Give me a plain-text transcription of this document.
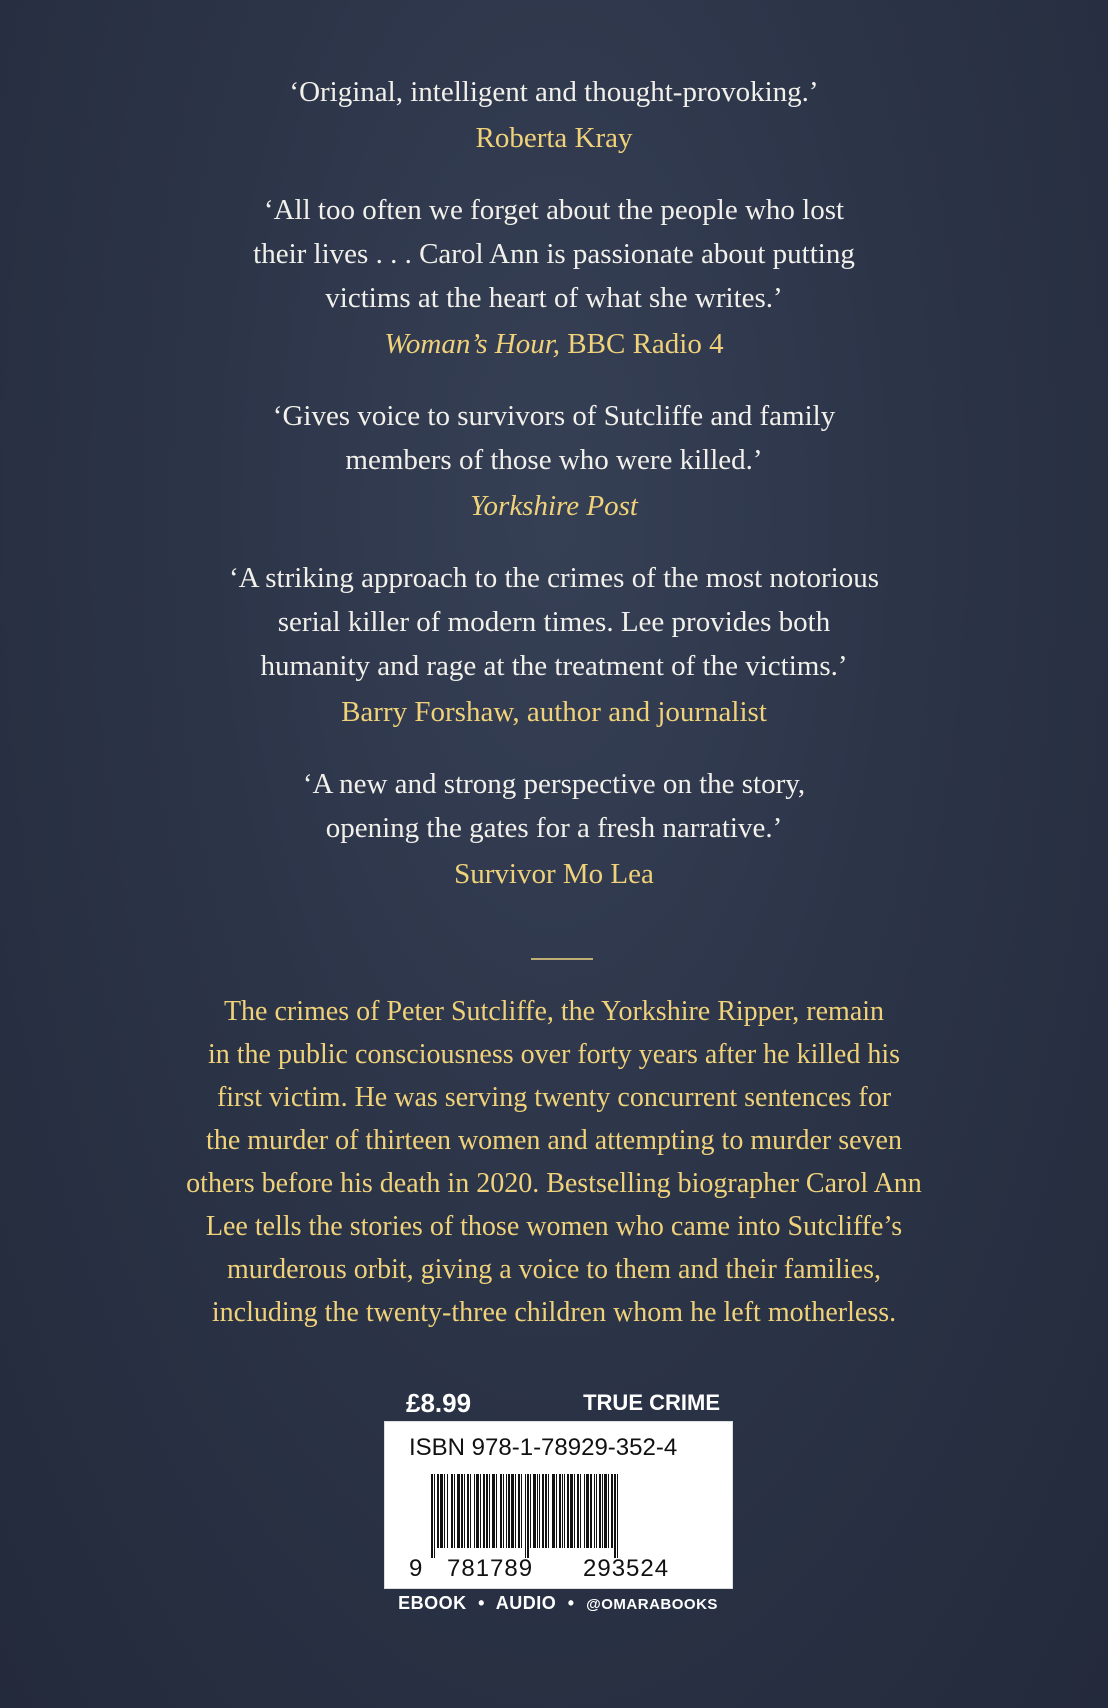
‘Original, intelligent and thought-provoking.’

Roberta Kray

‘All too often we forget about the people who lost

their lives . . . Carol Ann is passionate about putting

victims at the heart of what she writes.’

Woman’s Hour, BBC Radio 4

‘Gives voice to survivors of Sutcliffe and family

members of those who were killed.’

Yorkshire Post

‘A striking approach to the crimes of the most notorious

serial killer of modern times. Lee provides both

humanity and rage at the treatment of the victims.’

Barry Forshaw, author and journalist

‘A new and strong perspective on the story,

opening the gates for a fresh narrative.’

Survivor Mo Lea

The crimes of Peter Sutcliffe, the Yorkshire Ripper, remain
in the public consciousness over forty years after he killed his
first victim. He was serving twenty concurrent sentences for
the murder of thirteen women and attempting to murder seven
others before his death in 2020. Bestselling biographer Carol Ann
Lee tells the stories of those women who came into Sutcliffe’s
murderous orbit, giving a voice to them and their families,
including the twenty-three children whom he left motherless.
£8.99	TRUE CRIME
ISBN 978-1-78929-352-4
9 781789 293524
EBOOK • AUDIO • @OMARABOOKS
